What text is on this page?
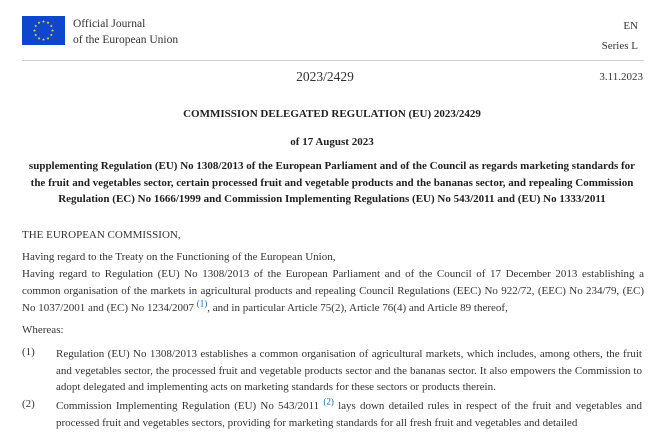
Official Journal
of the European Union
EN
Series L
2023/2429	3.11.2023
COMMISSION DELEGATED REGULATION (EU) 2023/2429
of 17 August 2023
supplementing Regulation (EU) No 1308/2013 of the European Parliament and of the Council as regards marketing standards for the fruit and vegetables sector, certain processed fruit and vegetable products and the bananas sector, and repealing Commission Regulation (EC) No 1666/1999 and Commission Implementing Regulations (EU) No 543/2011 and (EU) No 1333/2011
THE EUROPEAN COMMISSION,
Having regard to the Treaty on the Functioning of the European Union,
Having regard to Regulation (EU) No 1308/2013 of the European Parliament and of the Council of 17 December 2013 establishing a common organisation of the markets in agricultural products and repealing Council Regulations (EEC) No 922/72, (EEC) No 234/79, (EC) No 1037/2001 and (EC) No 1234/2007 $^{(1)}$, and in particular Article 75(2), Article 76(4) and Article 89 thereof,
Whereas:
(1) Regulation (EU) No 1308/2013 establishes a common organisation of agricultural markets, which includes, among others, the fruit and vegetables sector, the processed fruit and vegetable products sector and the bananas sector. It also empowers the Commission to adopt delegated and implementing acts on marketing standards for these sectors or products therein.
(2) Commission Implementing Regulation (EU) No 543/2011 $^{(2)}$ lays down detailed rules in respect of the fruit and vegetables and processed fruit and vegetables sectors, providing for marketing standards for all fresh fruit and vegetables and detailed
